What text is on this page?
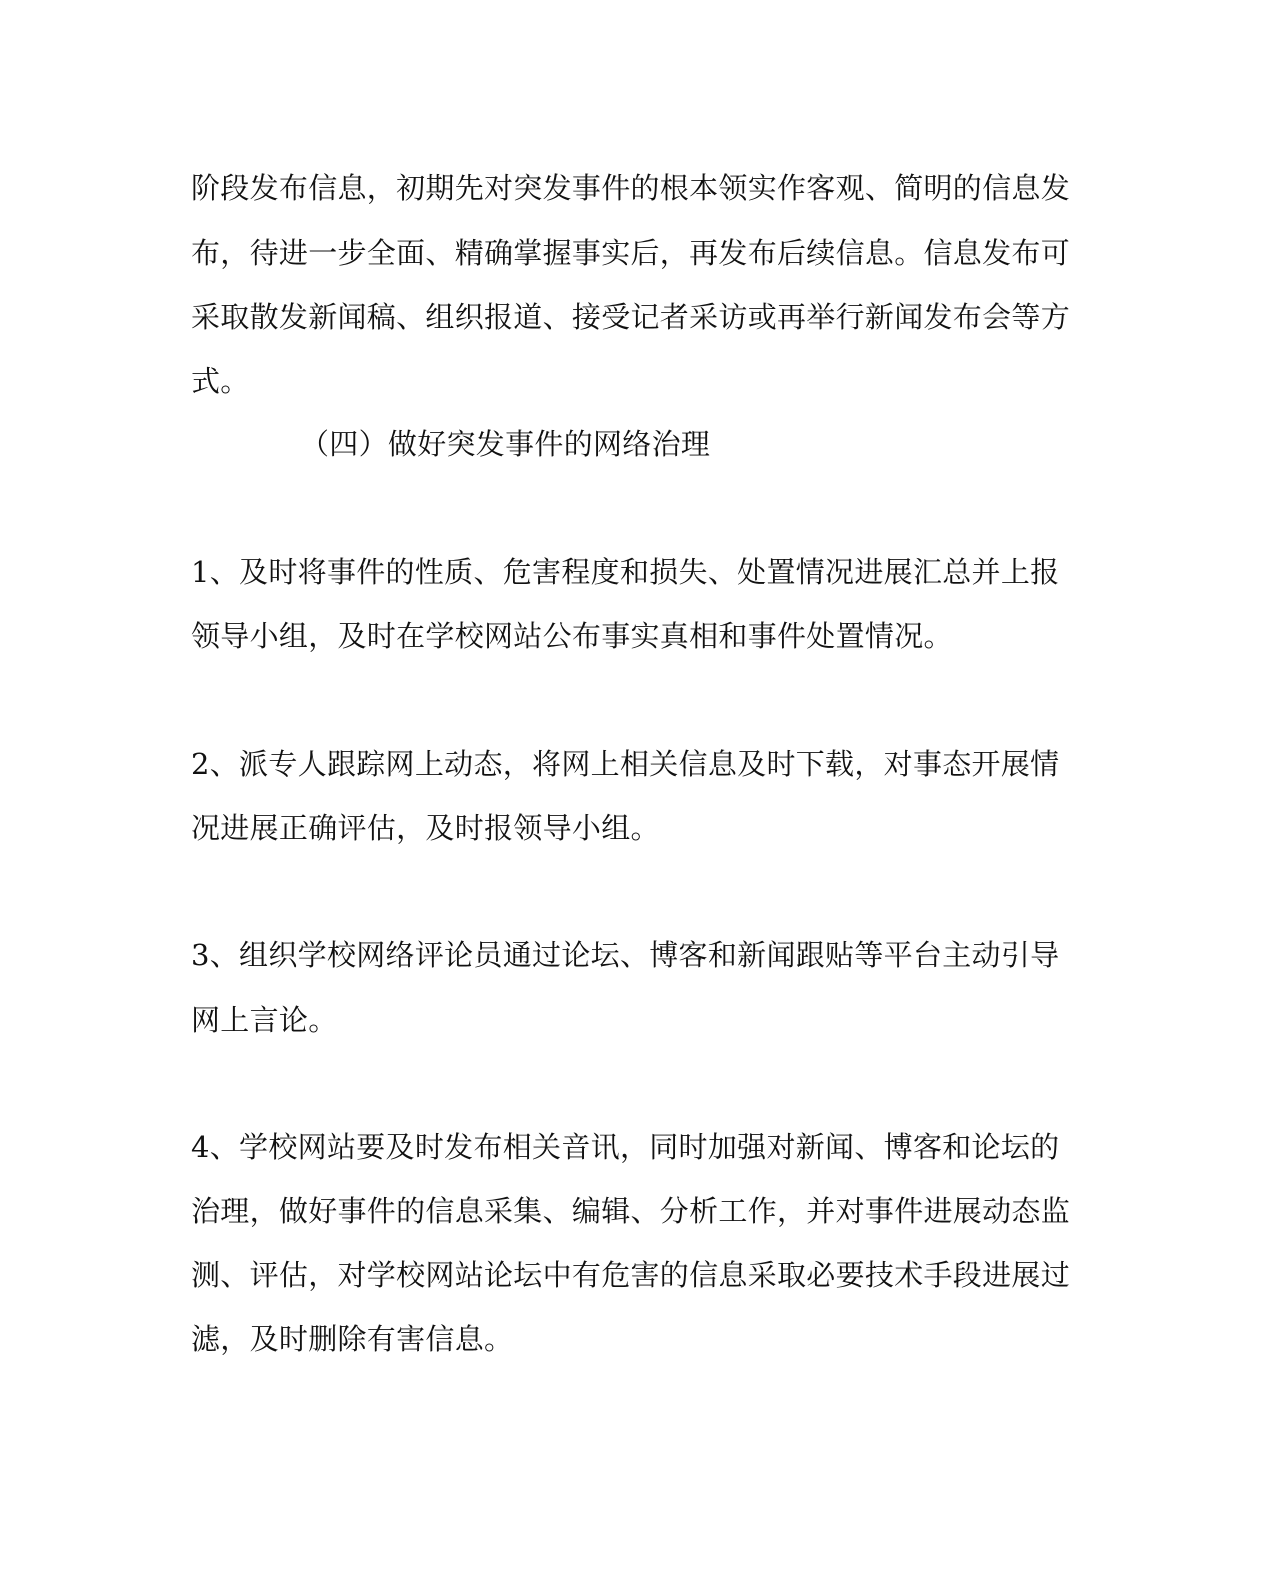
阶段发布信息，初期先对突发事件的根本领实作客观、简明的信息发
布，待进一步全面、精确掌握事实后，再发布后续信息。信息发布可
采取散发新闻稿、组织报道、接受记者采访或再举行新闻发布会等方
式。
（四）做好突发事件的网络治理
1、及时将事件的性质、危害程度和损失、处置情况进展汇总并上报
领导小组，及时在学校网站公布事实真相和事件处置情况。
2、派专人跟踪网上动态，将网上相关信息及时下载，对事态开展情
况进展正确评估，及时报领导小组。
3、组织学校网络评论员通过论坛、博客和新闻跟贴等平台主动引导
网上言论。
4、学校网站要及时发布相关音讯，同时加强对新闻、博客和论坛的
治理，做好事件的信息采集、编辑、分析工作，并对事件进展动态监
测、评估，对学校网站论坛中有危害的信息采取必要技术手段进展过
滤，及时删除有害信息。
